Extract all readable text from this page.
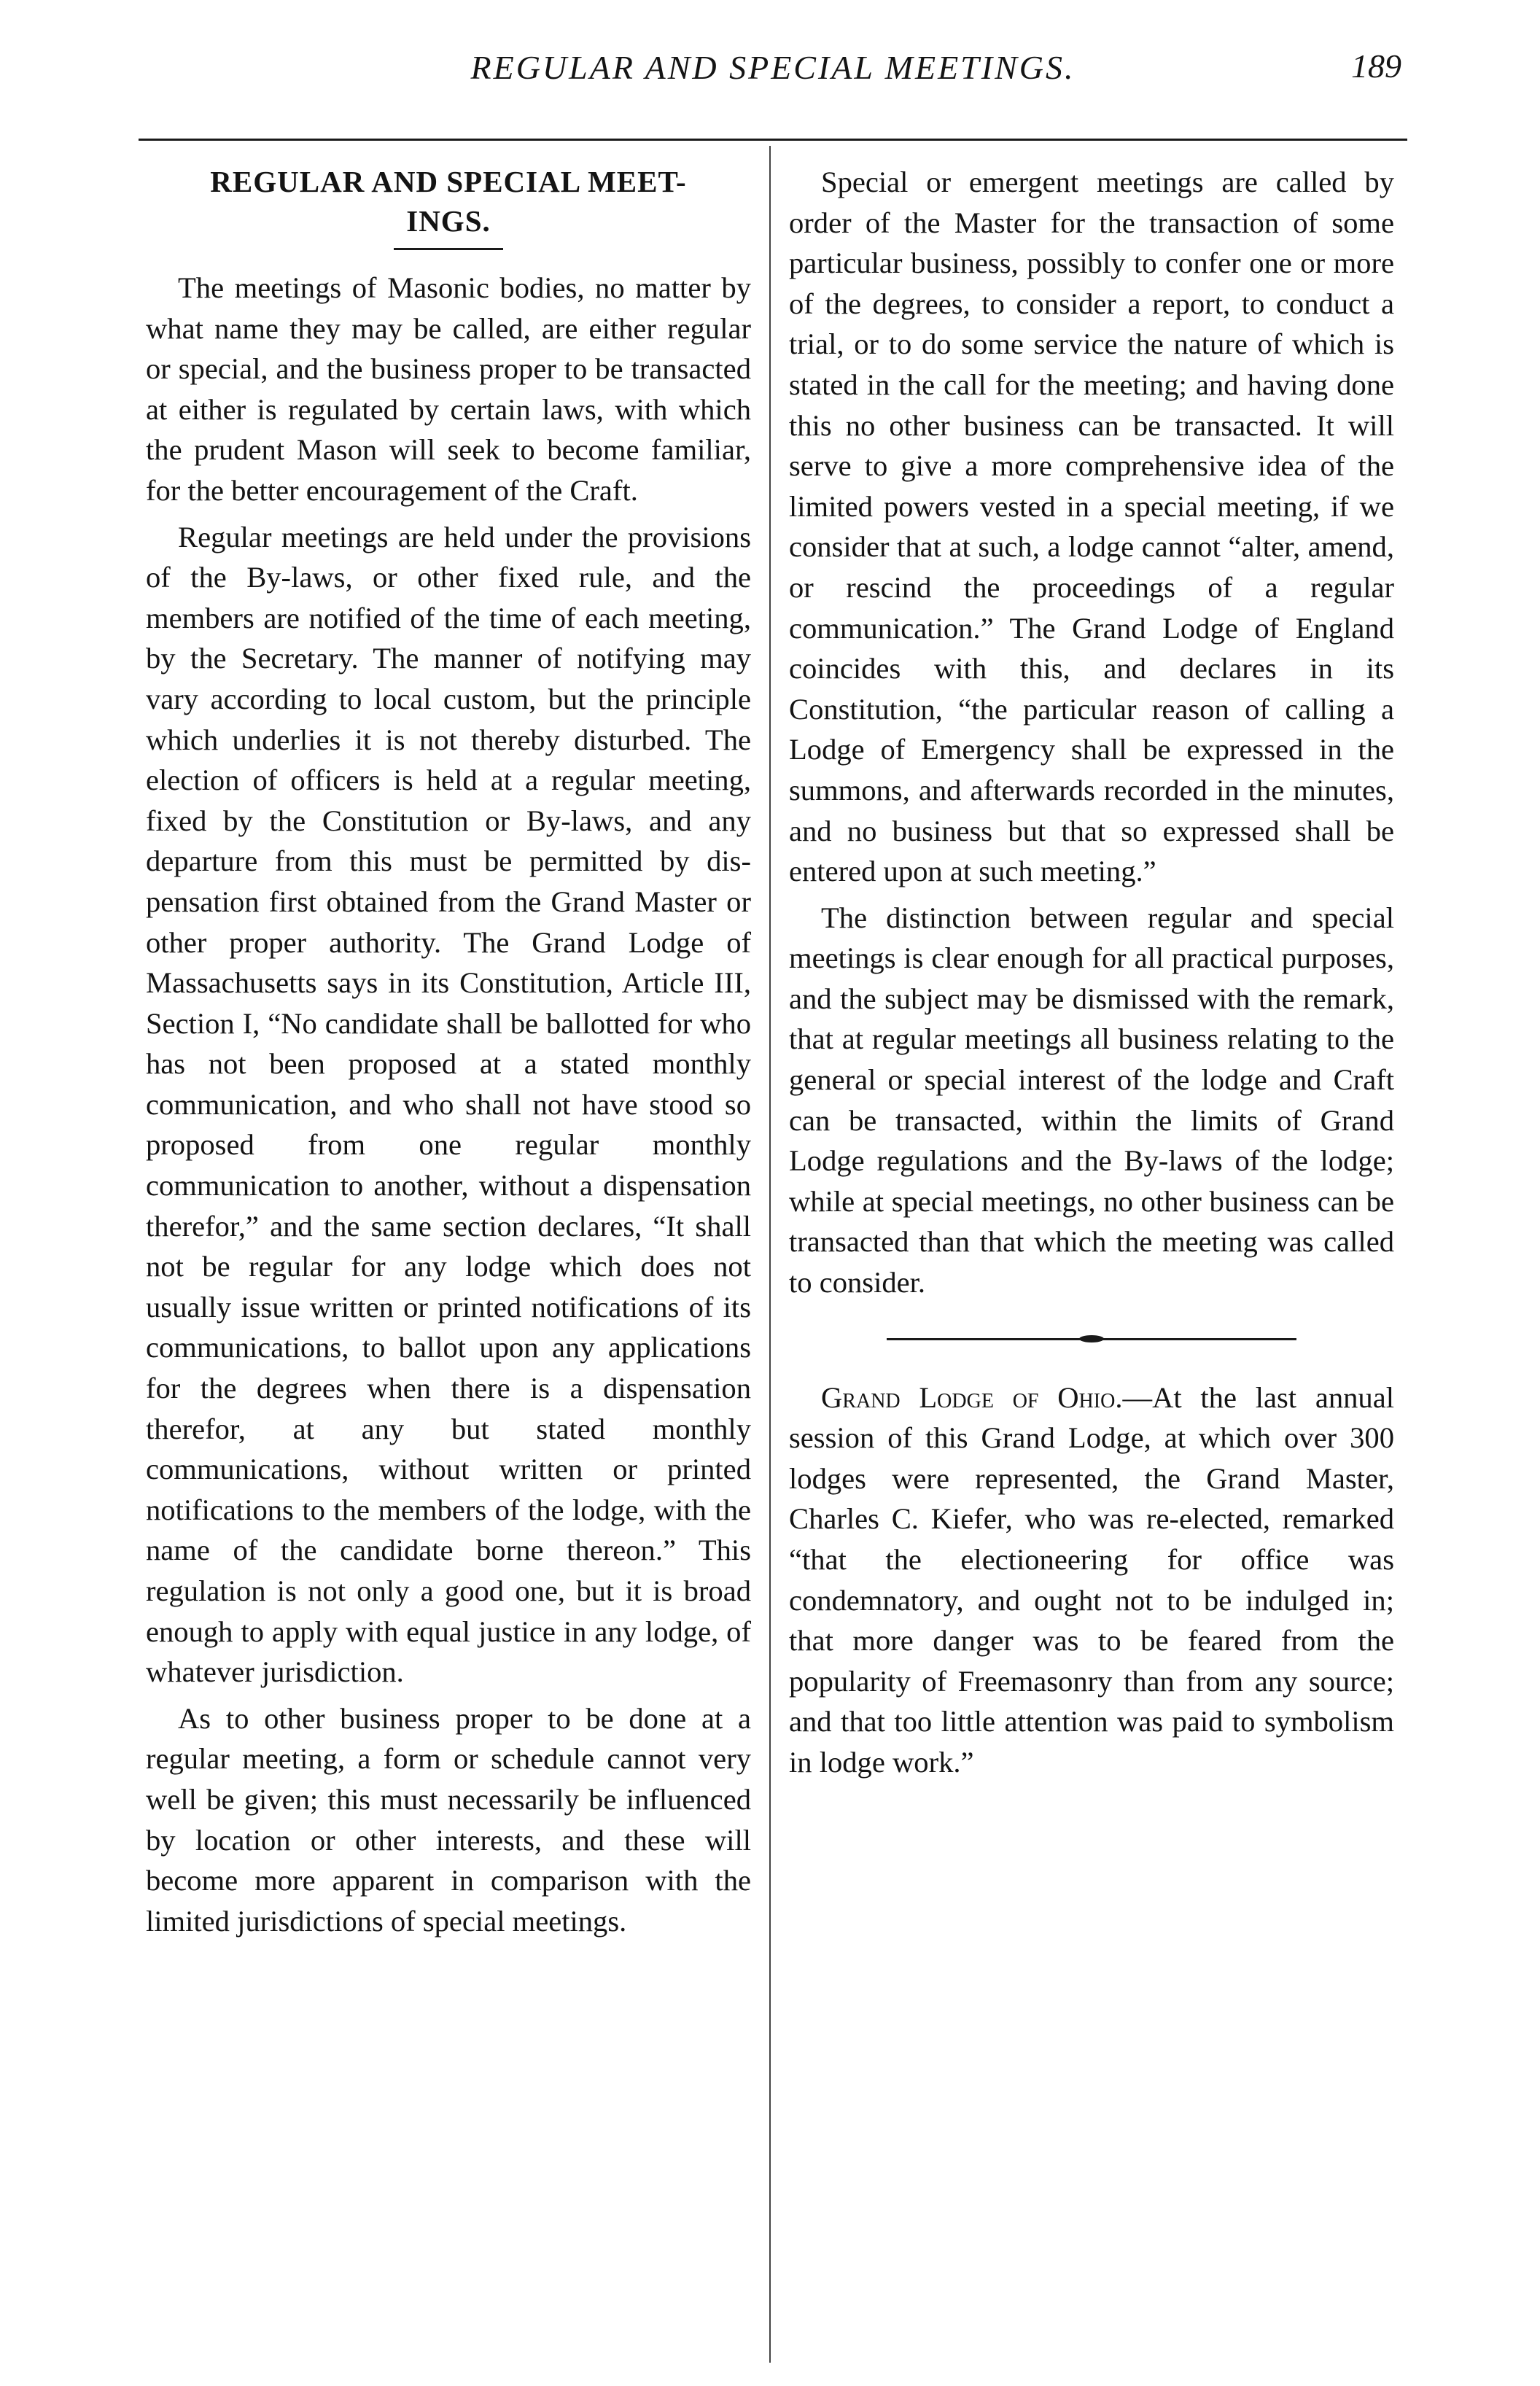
REGULAR AND SPECIAL MEETINGS.	189
REGULAR AND SPECIAL MEET-
INGS.

The meetings of Masonic bodies, no matter by what name they may be called, are either regular or special, and the business proper to be transacted at either is regulated by certain laws, with which the prudent Mason will seek to become familiar, for the better encouragement of the Craft.

Regular meetings are held under the provisions of the By-laws, or other fixed rule, and the members are notified of the time of each meeting, by the Secretary. The manner of notifying may vary according to local custom, but the principle which underlies it is not thereby disturbed. The election of officers is held at a regular meeting, fixed by the Constitution or By-laws, and any departure from this must be permitted by dispensation first obtained from the Grand Master or other proper authority. The Grand Lodge of Massachusetts says in its Constitution, Article III, Section I, “No candidate shall be ballotted for who has not been proposed at a stated monthly communication, and who shall not have stood so proposed from one regular monthly communication to another, without a dispensation therefor,” and the same section declares, “It shall not be regular for any lodge which does not usually issue written or printed notifications of its communications, to ballot upon any applications for the degrees when there is a dispensation therefor, at any but stated monthly communications, without written or printed notifications to the members of the lodge, with the name of the candidate borne thereon.” This regulation is not only a good one, but it is broad enough to apply with equal justice in any lodge, of whatever jurisdiction.

As to other business proper to be done at a regular meeting, a form or schedule cannot very well be given; this must necessarily be influenced by location or other interests, and these will become more apparent in comparison with the limited jurisdictions of special meetings.

Special or emergent meetings are called by order of the Master for the transaction of some particular business, possibly to confer one or more of the degrees, to consider a report, to conduct a trial, or to do some service the nature of which is stated in the call for the meeting; and having done this no other business can be transacted. It will serve to give a more comprehensive idea of the limited powers vested in a special meeting, if we consider that at such, a lodge cannot “alter, amend, or rescind the proceedings of a regular communication.” The Grand Lodge of England coincides with this, and declares in its Constitution, “the particular reason of calling a Lodge of Emergency shall be expressed in the summons, and afterwards recorded in the minutes, and no business but that so expressed shall be entered upon at such meeting.”

The distinction between regular and special meetings is clear enough for all practical purposes, and the subject may be dismissed with the remark, that at regular meetings all business relating to the general or special interest of the lodge and Craft can be transacted, within the limits of Grand Lodge regulations and the By-laws of the lodge; while at special meetings, no other business can be transacted than that which the meeting was called to consider.

Grand Lodge of Ohio.—At the last annual session of this Grand Lodge, at which over 300 lodges were represented, the Grand Master, Charles C. Kiefer, who was re-elected, remarked “that the electioneering for office was condemnatory, and ought not to be indulged in; that more danger was to be feared from the popularity of Freemasonry than from any source; and that too little attention was paid to symbolism in lodge work.”
